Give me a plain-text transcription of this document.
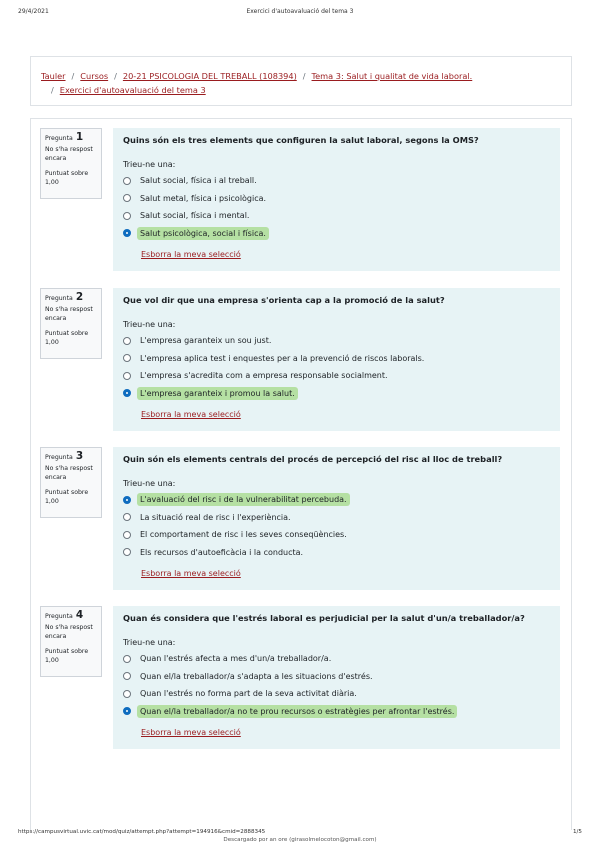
29/4/2021	Exercici d'autoavaluació del tema 3
Tauler / Cursos / 20-21 PSICOLOGIA DEL TREBALL (108394) / Tema 3: Salut i qualitat de vida laboral.
/ Exercici d'autoavaluació del tema 3
Pregunta 1
No s'ha respost encara
Puntuat sobre 1,00
Quins són els tres elements que configuren la salut laboral, segons la OMS?
Trieu-ne una:
Salut social, física i al treball.
Salut metal, física i psicològica.
Salut social, física i mental.
Salut psicològica, social i física.
Esborra la meva selecció
Pregunta 2
No s'ha respost encara
Puntuat sobre 1,00
Que vol dir que una empresa s'orienta cap a la promoció de la salut?
Trieu-ne una:
L'empresa garanteix un sou just.
L'empresa aplica test i enquestes per a la prevenció de riscos laborals.
L'empresa s'acredita com a empresa responsable socialment.
L'empresa garanteix i promou la salut.
Esborra la meva selecció
Pregunta 3
No s'ha respost encara
Puntuat sobre 1,00
Quin són els elements centrals del procés de percepció del risc al lloc de treball?
Trieu-ne una:
L'avaluació del risc i de la vulnerabilitat percebuda.
La situació real de risc i l'experiència.
El comportament de risc i les seves conseqüències.
Els recursos d'autoeficàcia i la conducta.
Esborra la meva selecció
Pregunta 4
No s'ha respost encara
Puntuat sobre 1,00
Quan és considera que l'estrés laboral es perjudicial per la salut d'un/a treballador/a?
Trieu-ne una:
Quan l'estrés afecta a mes d'un/a treballador/a.
Quan el/la treballador/a s'adapta a les situacions d'estrés.
Quan l'estrés no forma part de la seva activitat diària.
Quan el/la treballador/a no te prou recursos o estratègies per afrontar l'estrés.
Esborra la meva selecció
https://campusvirtual.uvic.cat/mod/quiz/attempt.php?attempt=194916&cmid=2888345	1/5
Descargado por an ore (girasolmelocoton@gmail.com)
